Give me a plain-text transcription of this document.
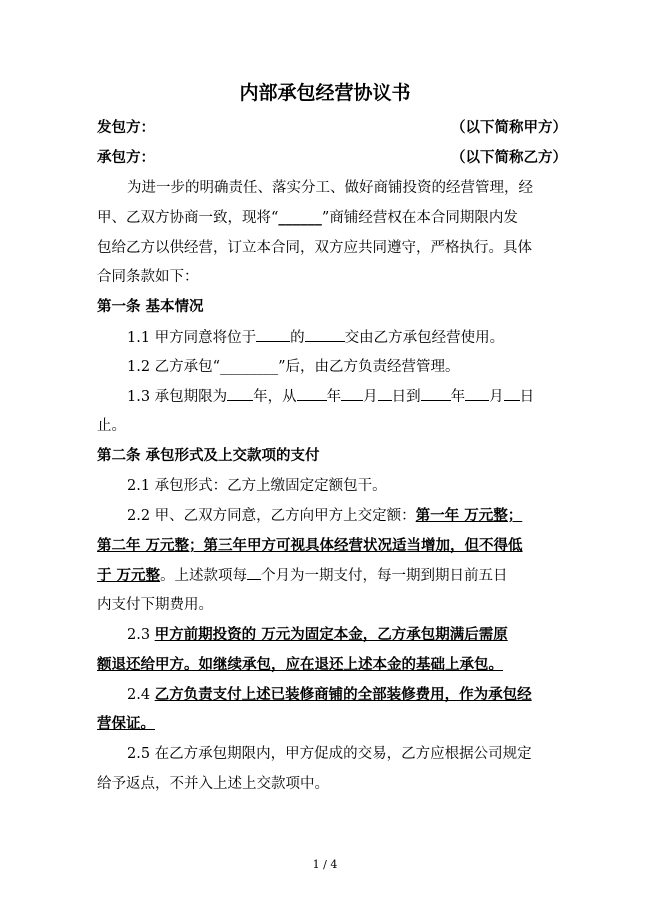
内部承包经营协议书
发包方：	（以下简称甲方）
承包方：	（以下简称乙方）
为进一步的明确责任、落实分工、做好商铺投资的经营管理，经
甲、乙双方协商一致，现将“______”商铺经营权在本合同期限内发
包给乙方以供经营，订立本合同，双方应共同遵守，严格执行。具体
合同条款如下：
第一条 基本情况
1.1 甲方同意将位于 的	交由乙方承包经营使用。
1.2 乙方承包“________”后，由乙方负责经营管理。
1.3 承包期限为 年，从 年 月 日到 年 月 日
止。
第二条 承包形式及上交款项的支付
2.1 承包形式：乙方上缴固定定额包干。
2.2 甲、乙双方同意，乙方向甲方上交定额：第一年 万元整；
第二年 万元整；第三年甲方可视具体经营状况适当增加，但不得低
于 万元整。上述款项每 个月为一期支付，每一期到期日前五日
内支付下期费用。
2.3 甲方前期投资的 万元为固定本金，乙方承包期满后需原
额退还给甲方。如继续承包，应在退还上述本金的基础上承包。
2.4 乙方负责支付上述已装修商铺的全部装修费用，作为承包经
营保证。
2.5 在乙方承包期限内，甲方促成的交易，乙方应根据公司规定
给予返点，不并入上述上交款项中。
1 / 4
